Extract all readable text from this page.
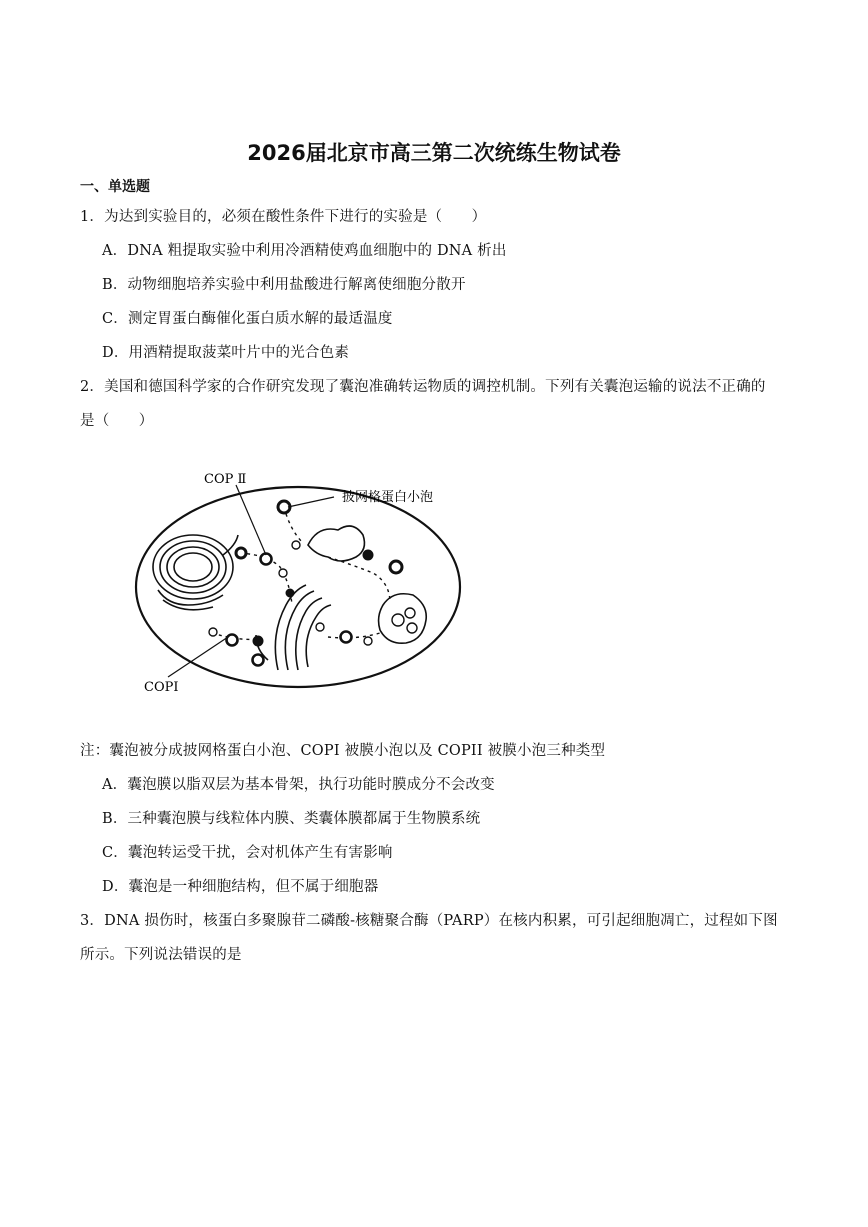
2026届北京市高三第二次统练生物试卷
一、单选题
1．为达到实验目的，必须在酸性条件下进行的实验是（　　）
A．DNA 粗提取实验中利用冷酒精使鸡血细胞中的 DNA 析出
B．动物细胞培养实验中利用盐酸进行解离使细胞分散开
C．测定胃蛋白酶催化蛋白质水解的最适温度
D．用酒精提取菠菜叶片中的光合色素
2．美国和德国科学家的合作研究发现了囊泡准确转运物质的调控机制。下列有关囊泡运输的说法不正确的
是（　　）
COP Ⅱ
披网格蛋白小泡
COPⅠ
注：囊泡被分成披网格蛋白小泡、COPI 被膜小泡以及 COPII 被膜小泡三种类型
A．囊泡膜以脂双层为基本骨架，执行功能时膜成分不会改变
B．三种囊泡膜与线粒体内膜、类囊体膜都属于生物膜系统
C．囊泡转运受干扰，会对机体产生有害影响
D．囊泡是一种细胞结构，但不属于细胞器
3．DNA 损伤时，核蛋白多聚腺苷二磷酸-核糖聚合酶（PARP）在核内积累，可引起细胞凋亡，过程如下图
所示。下列说法错误的是
